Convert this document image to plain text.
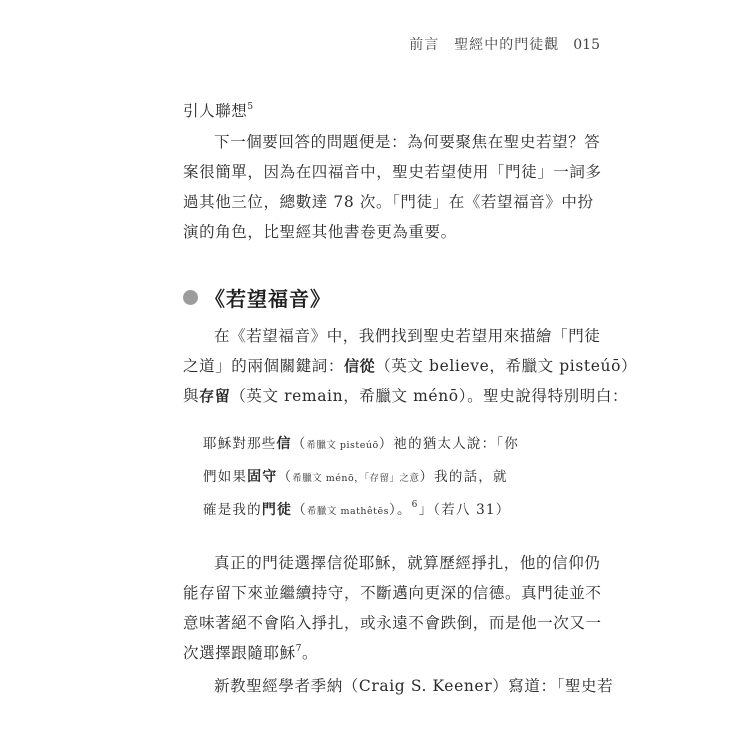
前言　聖經中的門徒觀 015
引人聯想$^5$
下一個要回答的問題便是：為何要聚焦在聖史若望？答
案很簡單，因為在四福音中，聖史若望使用「門徒」一詞多
過其他三位，總數達 78 次。「門徒」在《若望福音》中扮
演的角色，比聖經其他書卷更為重要。
《若望福音》
在《若望福音》中，我們找到聖史若望用來描繪「門徒
之道」的兩個關鍵詞：信從（英文 believe，希臘文 pisteúō）
與存留（英文 remain，希臘文 ménō）。聖史說得特別明白：
耶穌對那些信（希臘文 pisteúō）祂的猶太人說：「你
們如果固守（希臘文 ménō，「存留」之意）我的話，就
確是我的門徒（希臘文 mathêtēs）。$^6$」（若八 31）
真正的門徒選擇信從耶穌，就算歷經掙扎，他的信仰仍
能存留下來並繼續持守，不斷邁向更深的信德。真門徒並不
意味著絕不會陷入掙扎，或永遠不會跌倒，而是他一次又一
次選擇跟隨耶穌$^7$。
新教聖經學者季納（Craig S. Keener）寫道：「聖史若
